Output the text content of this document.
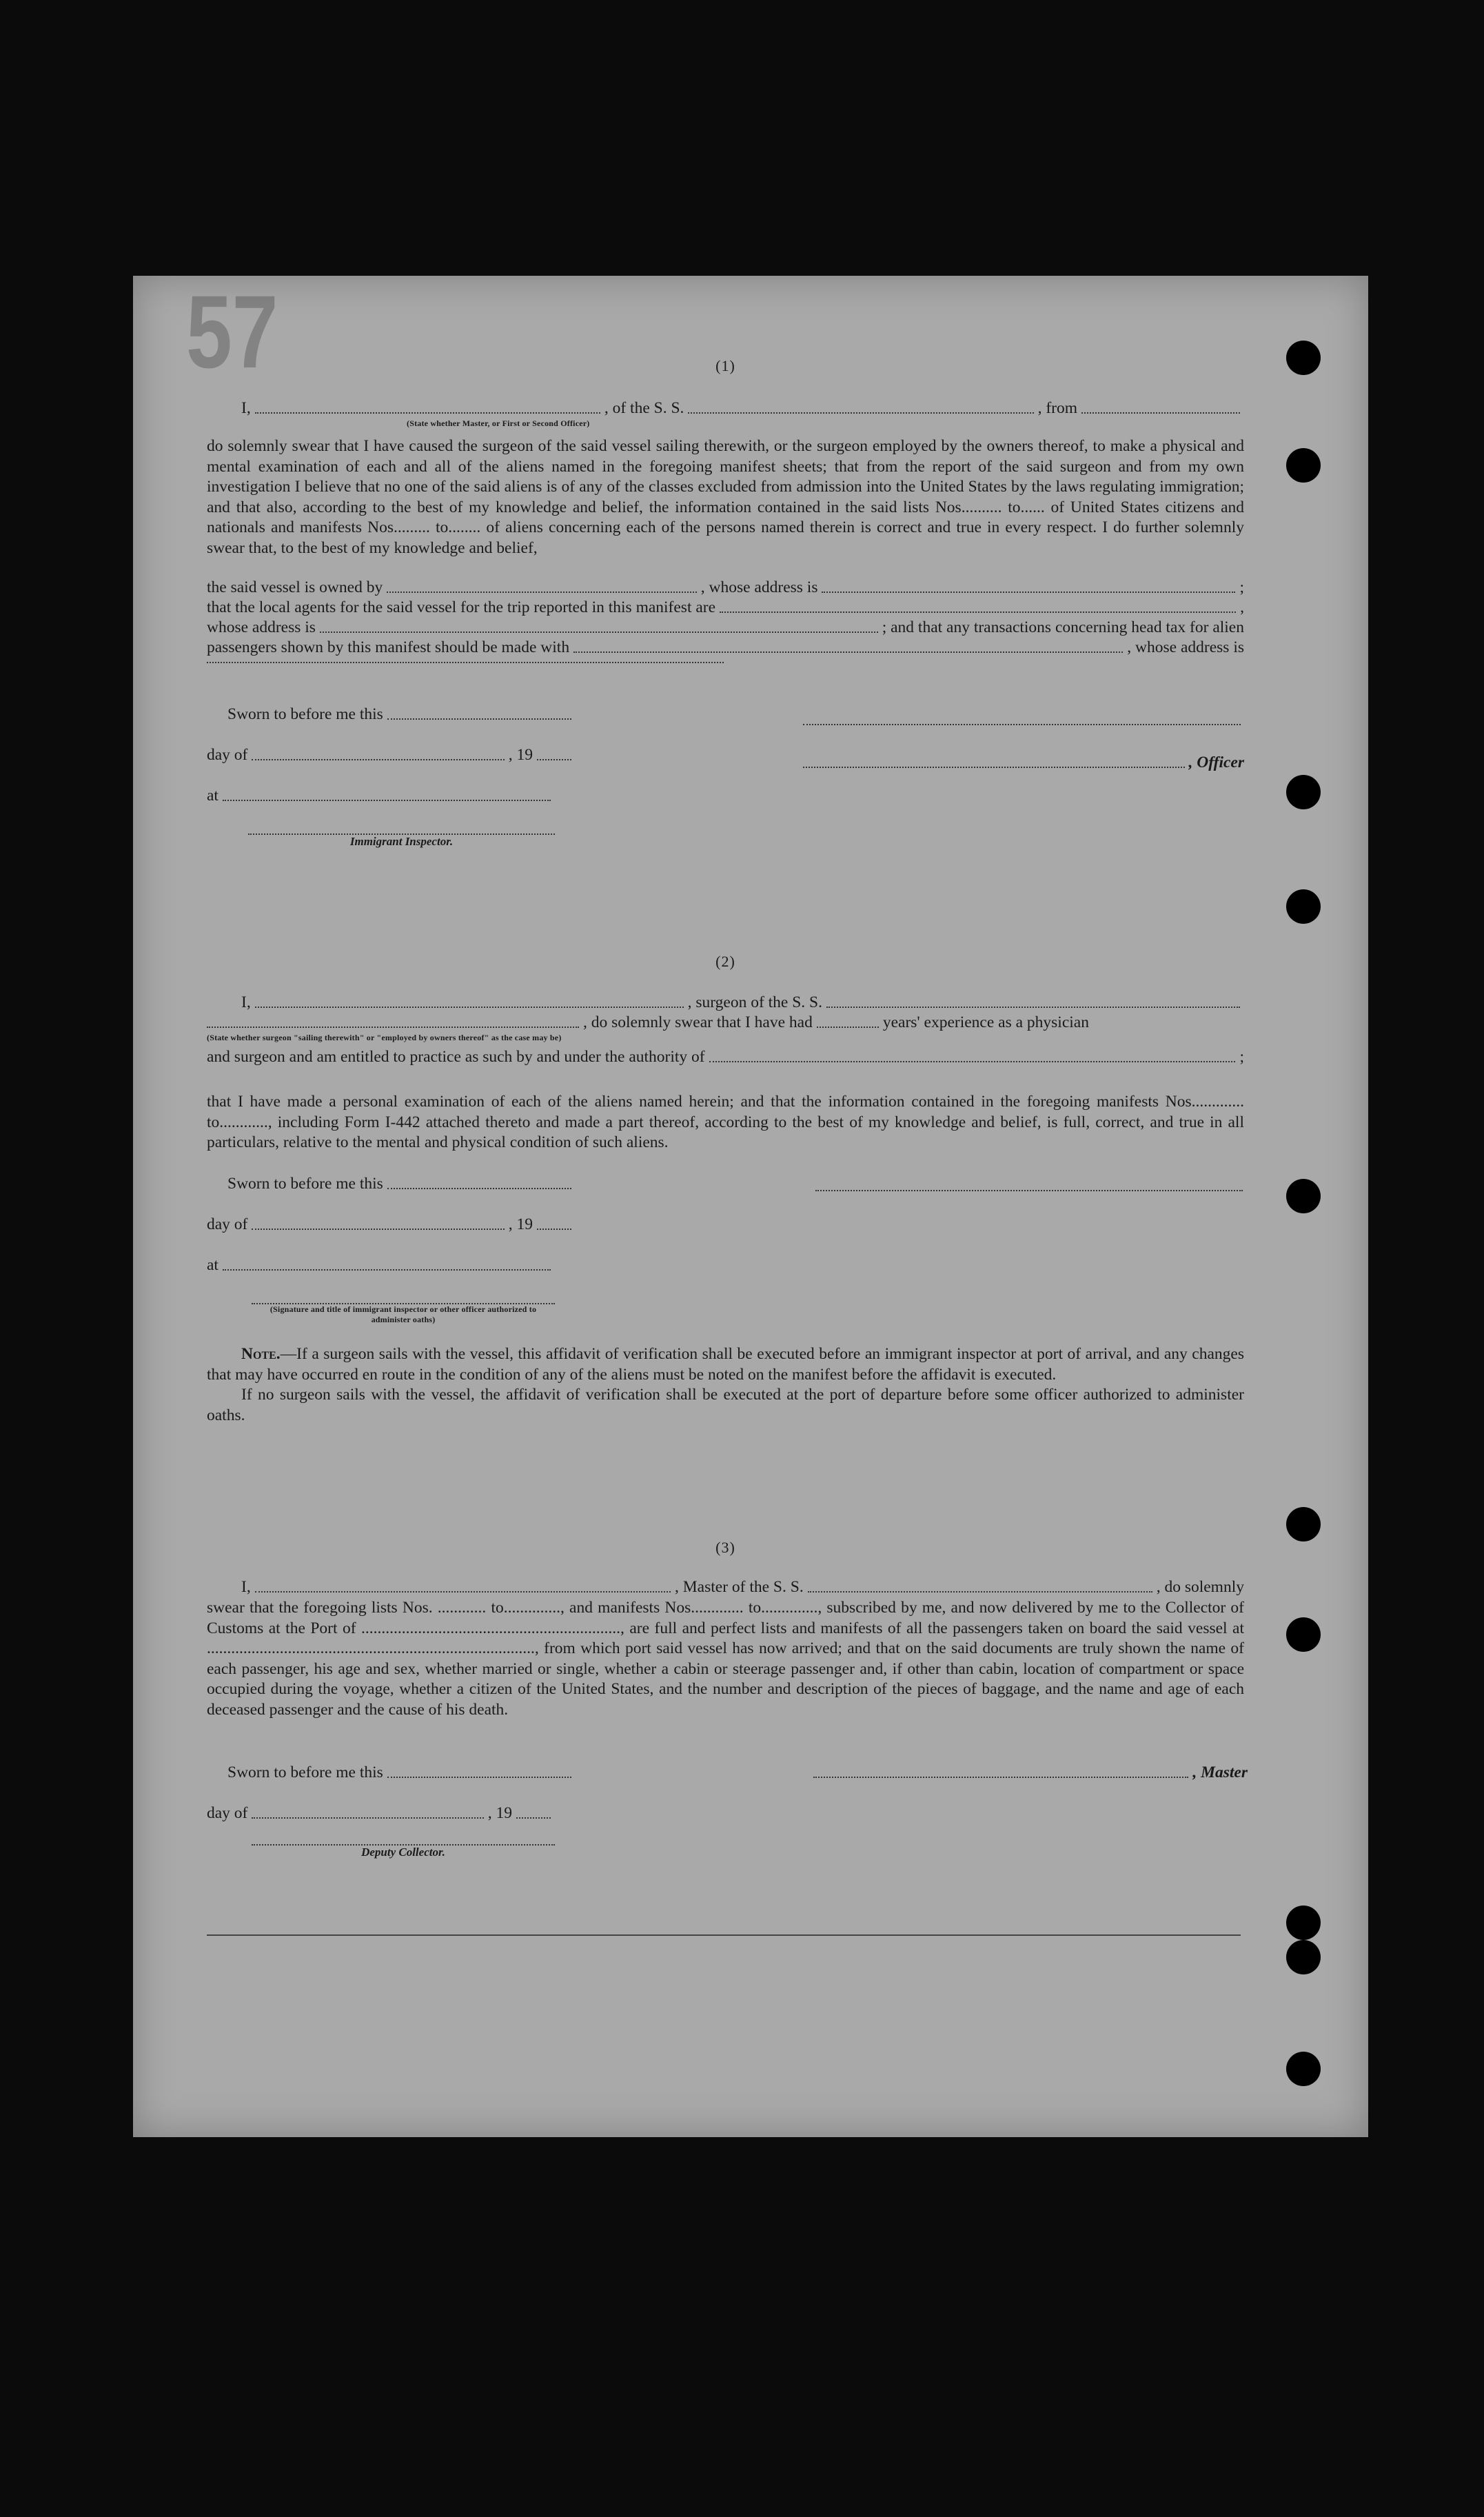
57	(1)
I,	, of the S. S.	, from
(State whether Master, or First or Second Officer)
do solemnly swear that I have caused the surgeon of the said vessel sailing therewith, or the surgeon employed by the owners thereof, to make a physical and mental examination of each and all of the aliens named in the foregoing manifest sheets; that from the report of the said surgeon and from my own investigation I believe that no one of the said aliens is of any of the classes excluded from admission into the United States by the laws regulating immigration; and that also, according to the best of my knowledge and belief, the information contained in the said lists Nos.......... to...... of United States citizens and nationals and manifests Nos......... to........ of aliens concerning each of the persons named therein is correct and true in every respect. I do further solemnly swear that, to the best of my knowledge and belief,
the said vessel is owned by	, whose address is	;
that the local agents for the said vessel for the trip reported in this manifest are	,
whose address is	; and that any transactions concerning head tax for alien
passengers shown by this manifest should be made with	, whose address is
Sworn to before me this
day of	, 19
at
Immigrant Inspector.
, Officer
(2)
I,	, surgeon of the S. S.
, do solemnly swear that I have had	years' experience as a physician
(State whether surgeon "sailing therewith" or "employed by owners thereof" as the case may be)
and surgeon and am entitled to practice as such by and under the authority of	;
that I have made a personal examination of each of the aliens named herein; and that the information contained in the foregoing manifests Nos............. to............, including Form I-442 attached thereto and made a part thereof, according to the best of my knowledge and belief, is full, correct, and true in all particulars, relative to the mental and physical condition of such aliens.
Sworn to before me this
day of	, 19
at
(Signature and title of immigrant inspector or other officer authorized to administer oaths)
Note.—If a surgeon sails with the vessel, this affidavit of verification shall be executed before an immigrant inspector at port of arrival, and any changes that may have occurred en route in the condition of any of the aliens must be noted on the manifest before the affidavit is executed.
If no surgeon sails with the vessel, the affidavit of verification shall be executed at the port of departure before some officer authorized to administer oaths.
(3)
I,	, Master of the S. S.	, do solemnly
swear that the foregoing lists Nos. ............ to.............., and manifests Nos............. to.............., subscribed by me, and now delivered by me to the Collector of Customs at the Port of ................................................................, are full and perfect lists and manifests of all the passengers taken on board the said vessel at ................................................................................., from which port said vessel has now arrived; and that on the said documents are truly shown the name of each passenger, his age and sex, whether married or single, whether a cabin or steerage passenger and, if other than cabin, location of compartment or space occupied during the voyage, whether a citizen of the United States, and the number and description of the pieces of baggage, and the name and age of each deceased passenger and the cause of his death.
Sworn to before me this
day of	, 19
Deputy Collector.
, Master
